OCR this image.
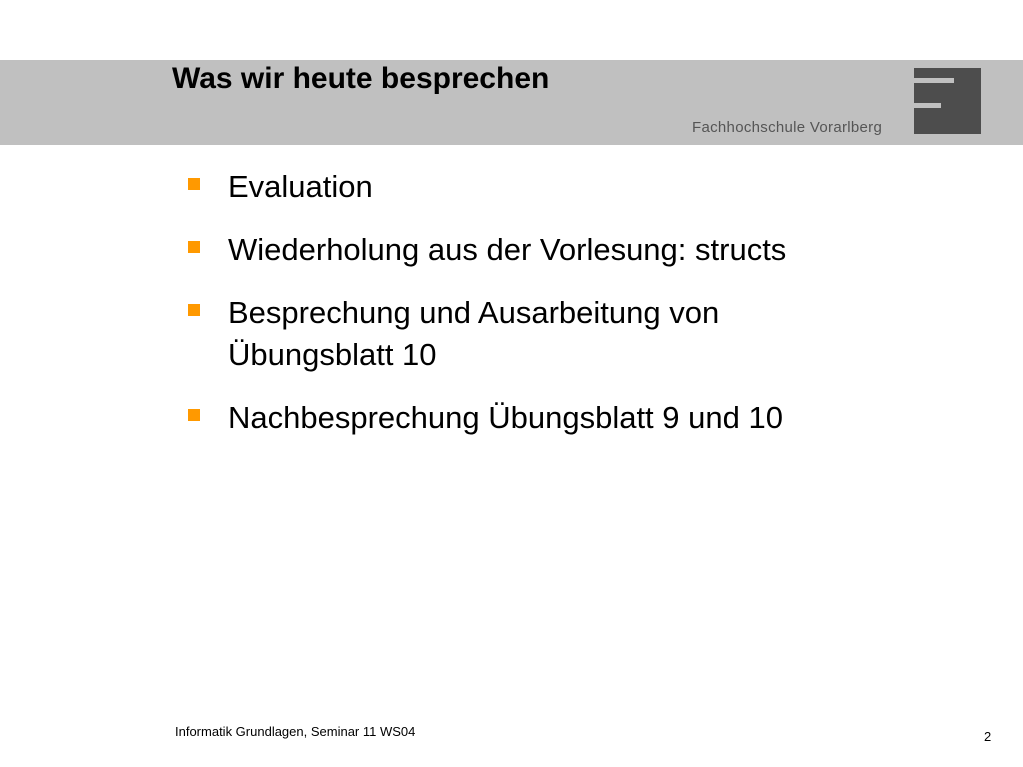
Was wir heute besprechen
Fachhochschule Vorarlberg
Evaluation
Wiederholung aus der Vorlesung: structs
Besprechung und Ausarbeitung von
Übungsblatt 10
Nachbesprechung Übungsblatt 9 und 10
Informatik Grundlagen, Seminar 11 WS04	2
